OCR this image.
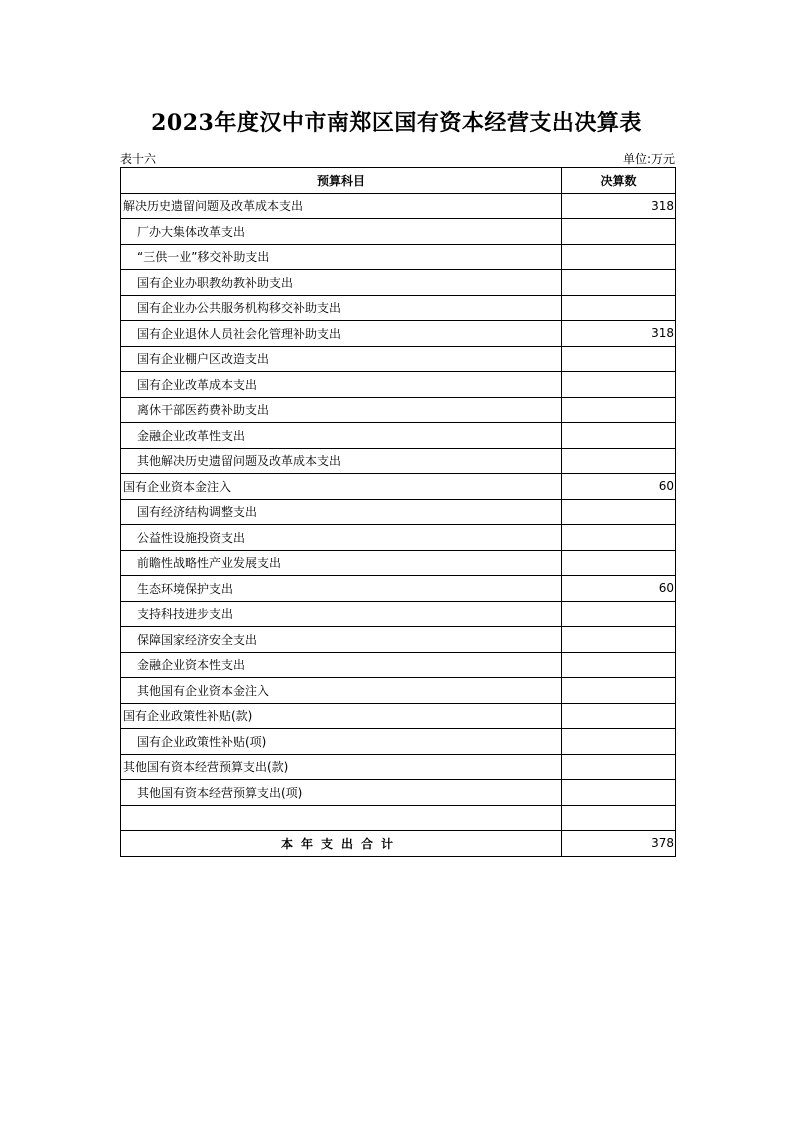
2023年度汉中市南郑区国有资本经营支出决算表
表十六	单位:万元
预算科目	决算数
解决历史遗留问题及改革成本支出	318
厂办大集体改革支出	
“三供一业”移交补助支出	
国有企业办职教幼教补助支出	
国有企业办公共服务机构移交补助支出	
国有企业退休人员社会化管理补助支出	318
国有企业棚户区改造支出	
国有企业改革成本支出	
离休干部医药费补助支出	
金融企业改革性支出	
其他解决历史遗留问题及改革成本支出	
国有企业资本金注入	60
国有经济结构调整支出	
公益性设施投资支出	
前瞻性战略性产业发展支出	
生态环境保护支出	60
支持科技进步支出	
保障国家经济安全支出	
金融企业资本性支出	
其他国有企业资本金注入	
国有企业政策性补贴(款)	
国有企业政策性补贴(项)	
其他国有资本经营预算支出(款)	
其他国有资本经营预算支出(项)	

本年支出合计	378
